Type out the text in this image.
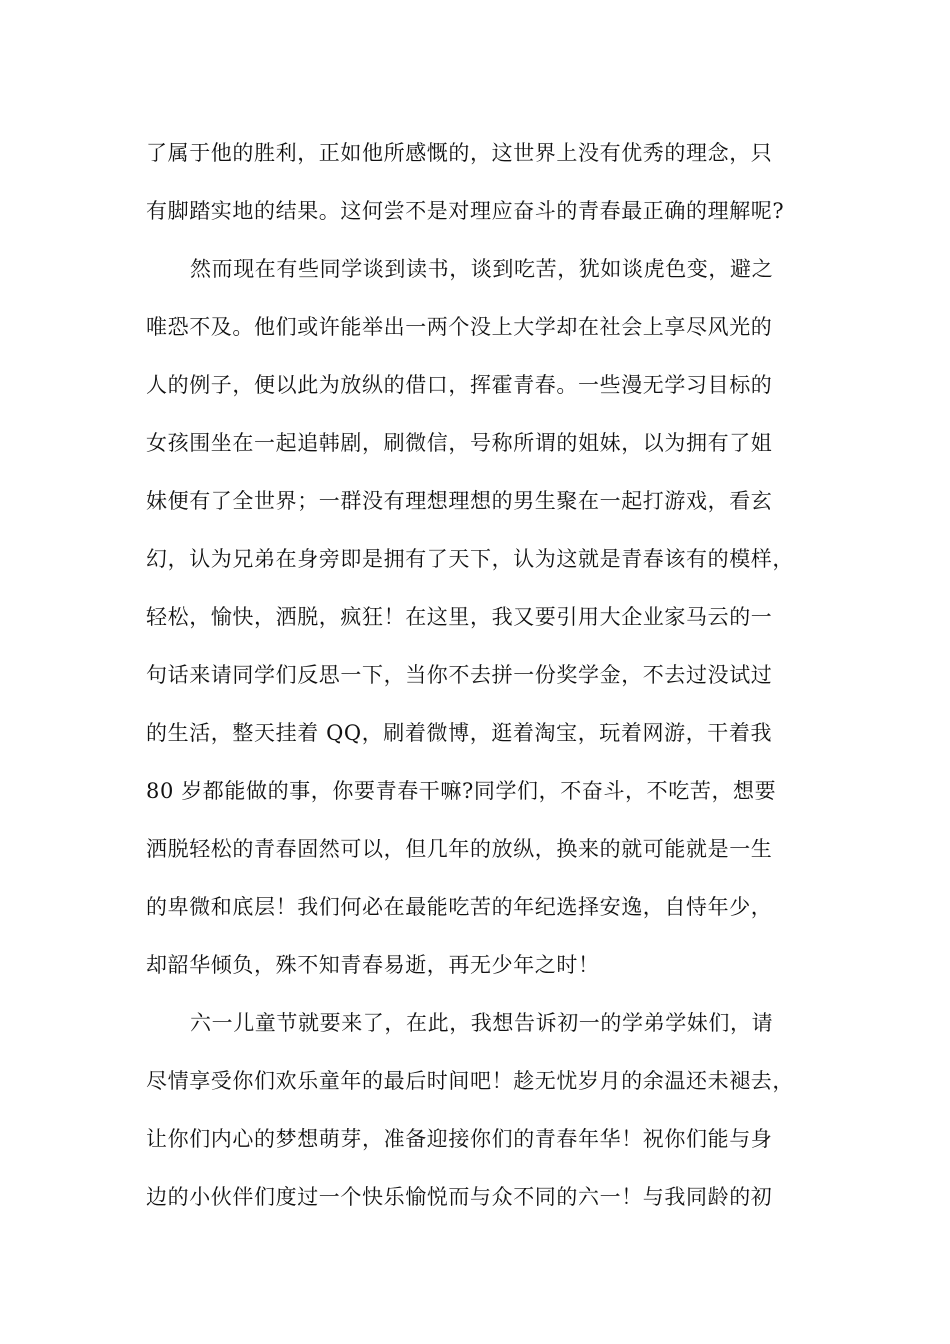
了属于他的胜利，正如他所感慨的，这世界上没有优秀的理念，只
有脚踏实地的结果。这何尝不是对理应奋斗的青春最正确的理解呢?
然而现在有些同学谈到读书，谈到吃苦，犹如谈虎色变，避之
唯恐不及。他们或许能举出一两个没上大学却在社会上享尽风光的
人的例子，便以此为放纵的借口，挥霍青春。一些漫无学习目标的
女孩围坐在一起追韩剧，刷微信，号称所谓的姐妹，以为拥有了姐
妹便有了全世界；一群没有理想理想的男生聚在一起打游戏，看玄
幻，认为兄弟在身旁即是拥有了天下，认为这就是青春该有的模样，
轻松，愉快，洒脱，疯狂！在这里，我又要引用大企业家马云的一
句话来请同学们反思一下，当你不去拼一份奖学金，不去过没试过
的生活，整天挂着 QQ，刷着微博，逛着淘宝，玩着网游，干着我
80 岁都能做的事，你要青春干嘛?同学们，不奋斗，不吃苦，想要
洒脱轻松的青春固然可以，但几年的放纵，换来的就可能就是一生
的卑微和底层！我们何必在最能吃苦的年纪选择安逸，自恃年少，
却韶华倾负，殊不知青春易逝，再无少年之时！
六一儿童节就要来了，在此，我想告诉初一的学弟学妹们，请
尽情享受你们欢乐童年的最后时间吧！趁无忧岁月的余温还未褪去，
让你们内心的梦想萌芽，准备迎接你们的青春年华！祝你们能与身
边的小伙伴们度过一个快乐愉悦而与众不同的六一！与我同龄的初
